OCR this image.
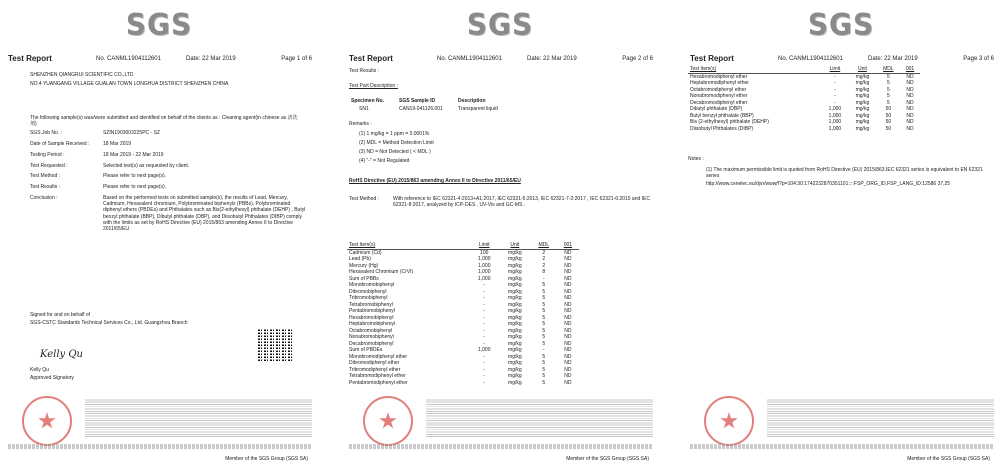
SGS
Test Report	No. CANML1904112601	Date: 22 Mar 2019	Page 1 of 6
SHENZHEN QIANGRUI SCIENTIFIC CO.,LTD
NO.4 YUANGANG VILLAGE GUALAN TOWN LONGHUA DISTRICT SHENZHEN CHINA
The following sample(s) was/were submitted and identified on behalf of the clients as : Cleaning agent(in chinese as 清洗剂)
SGS Job No. :	SZIN1903003225PC - SZ
Date of Sample Received :	18 Mar 2019
Testing Period :	18 Mar 2019 - 22 Mar 2019
Test Requested :	Selected test(s) as requested by client.
Test Method :	Please refer to next page(s).
Test Results :	Please refer to next page(s).
Conclusion :	Based on the performed tests on submitted sample(s), the results of Lead, Mercury, Cadmium, Hexavalent chromium, Polybrominated biphenyls (PBBs), Polybrominated diphenyl ethers (PBDEs) and Phthalates such as Bis(2-ethylhexyl) phthalate (DEHP) , Butyl benzyl phthalate (BBP), Dibutyl phthalate (DBP), and Diisobutyl Phthalates (DIBP) comply with the limits as set by RoHS Directive (EU) 2015/863 amending Annex II to Directive 2011/65/EU.
Signed for and on behalf of
SGS-CSTC Standards Technical Services Co., Ltd. Guangzhou Branch
Kelly Qu
Kelly Qu
Approved Signatory
Member of the SGS Group (SGS SA)
SGS
Test Report	No. CANML1904112601	Date: 22 Mar 2019	Page 2 of 6
Test Results :
Test Part Description :
Specimen No.	SGS Sample ID	Description
SN1	CAN19-041126.001	Transparent liquid
Remarks :
(1) 1 mg/kg = 1 ppm = 0.0001%
(2) MDL = Method Detection Limit
(3) ND = Not Detected ( < MDL )
(4) "-" = Not Regulated
RoHS Directive (EU) 2015/863 amending Annex II to Directive 2011/65/EU
Test Method :	With reference to IEC 62321-4:2013+A1:2017, IEC 62321-5:2013, IEC 62321-7-2:2017 , IEC 62321-6:2015 and IEC 62321-8:2017, analyzed by ICP-OES , UV-Vis and GC-MS .
Test Item(s)	Limit	Unit	MDL	001
Cadmium (Cd)	100	mg/kg	2	ND
Lead (Pb)	1,000	mg/kg	2	ND
Mercury (Hg)	1,000	mg/kg	2	ND
Hexavalent Chromium (CrVI)	1,000	mg/kg	8	ND
Sum of PBBs	1,000	mg/kg	-	ND
Monobromobiphenyl	-	mg/kg	5	ND
Dibromobiphenyl	-	mg/kg	5	ND
Tribromobiphenyl	-	mg/kg	5	ND
Tetrabromobiphenyl	-	mg/kg	5	ND
Pentabromobiphenyl	-	mg/kg	5	ND
Hexabromobiphenyl	-	mg/kg	5	ND
Heptabromobiphenyl	-	mg/kg	5	ND
Octabromobiphenyl	-	mg/kg	5	ND
Nonabromobiphenyl	-	mg/kg	5	ND
Decabromobiphenyl	-	mg/kg	5	ND
Sum of PBDEs	1,000	mg/kg	-	ND
Monobromodiphenyl ether	-	mg/kg	5	ND
Dibromodiphenyl ether	-	mg/kg	5	ND
Tribromodiphenyl ether	-	mg/kg	5	ND
Tetrabromodiphenyl ether	-	mg/kg	5	ND
Pentabromodiphenyl ether	-	mg/kg	5	ND
Member of the SGS Group (SGS SA)
SGS
Test Report	No. CANML1904112601	Date: 22 Mar 2019	Page 3 of 6
Test Item(s)	Limit	Unit	MDL	001
Hexabromodiphenyl ether	-	mg/kg	5	ND
Heptabromodiphenyl ether	-	mg/kg	5	ND
Octabromodiphenyl ether	-	mg/kg	5	ND
Nonabromodiphenyl ether	-	mg/kg	5	ND
Decabromodiphenyl ether	-	mg/kg	5	ND
Dibutyl phthalate (DBP)	1,000	mg/kg	50	ND
Butyl benzyl phthalate (BBP)	1,000	mg/kg	50	ND
Bis (2-ethylhexyl) phthalate (DEHP)	1,000	mg/kg	50	ND
Diisobutyl Phthalates (DIBP)	1,000	mg/kg	50	ND
Notes :
(1) The maximum permissible limit is quoted from RoHS Directive (EU) 2015/863.IEC 62321 series is equivalent to EN 62321 series
http://www.cenelec.eu/dyn/www/f?p=104:30:1742232870351101::::FSP_ORG_ID,FSP_LANG_ID:12586 37,25
Member of the SGS Group (SGS SA)
